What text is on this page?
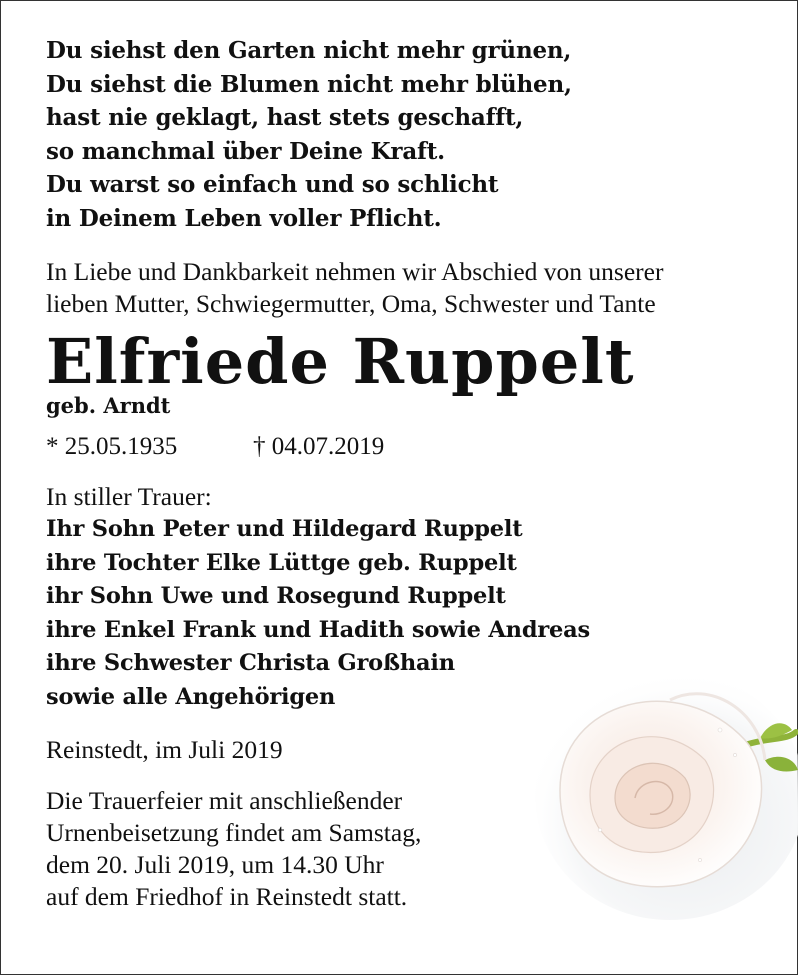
Du siehst den Garten nicht mehr grünen,
Du siehst die Blumen nicht mehr blühen,
hast nie geklagt, hast stets geschafft,
so manchmal über Deine Kraft.
Du warst so einfach und so schlicht
in Deinem Leben voller Pflicht.
In Liebe und Dankbarkeit nehmen wir Abschied von unserer
lieben Mutter, Schwiegermutter, Oma, Schwester und Tante
Elfriede Ruppelt
geb. Arndt
* 25.05.1935	† 04.07.2019
In stiller Trauer:
Ihr Sohn Peter und Hildegard Ruppelt
ihre Tochter Elke Lüttge geb. Ruppelt
ihr Sohn Uwe und Rosegund Ruppelt
ihre Enkel Frank und Hadith sowie Andreas
ihre Schwester Christa Großhain
sowie alle Angehörigen
Reinstedt, im Juli 2019
Die Trauerfeier mit anschließender
Urnenbeisetzung findet am Samstag,
dem 20. Juli 2019, um 14.30 Uhr
auf dem Friedhof in Reinstedt statt.
